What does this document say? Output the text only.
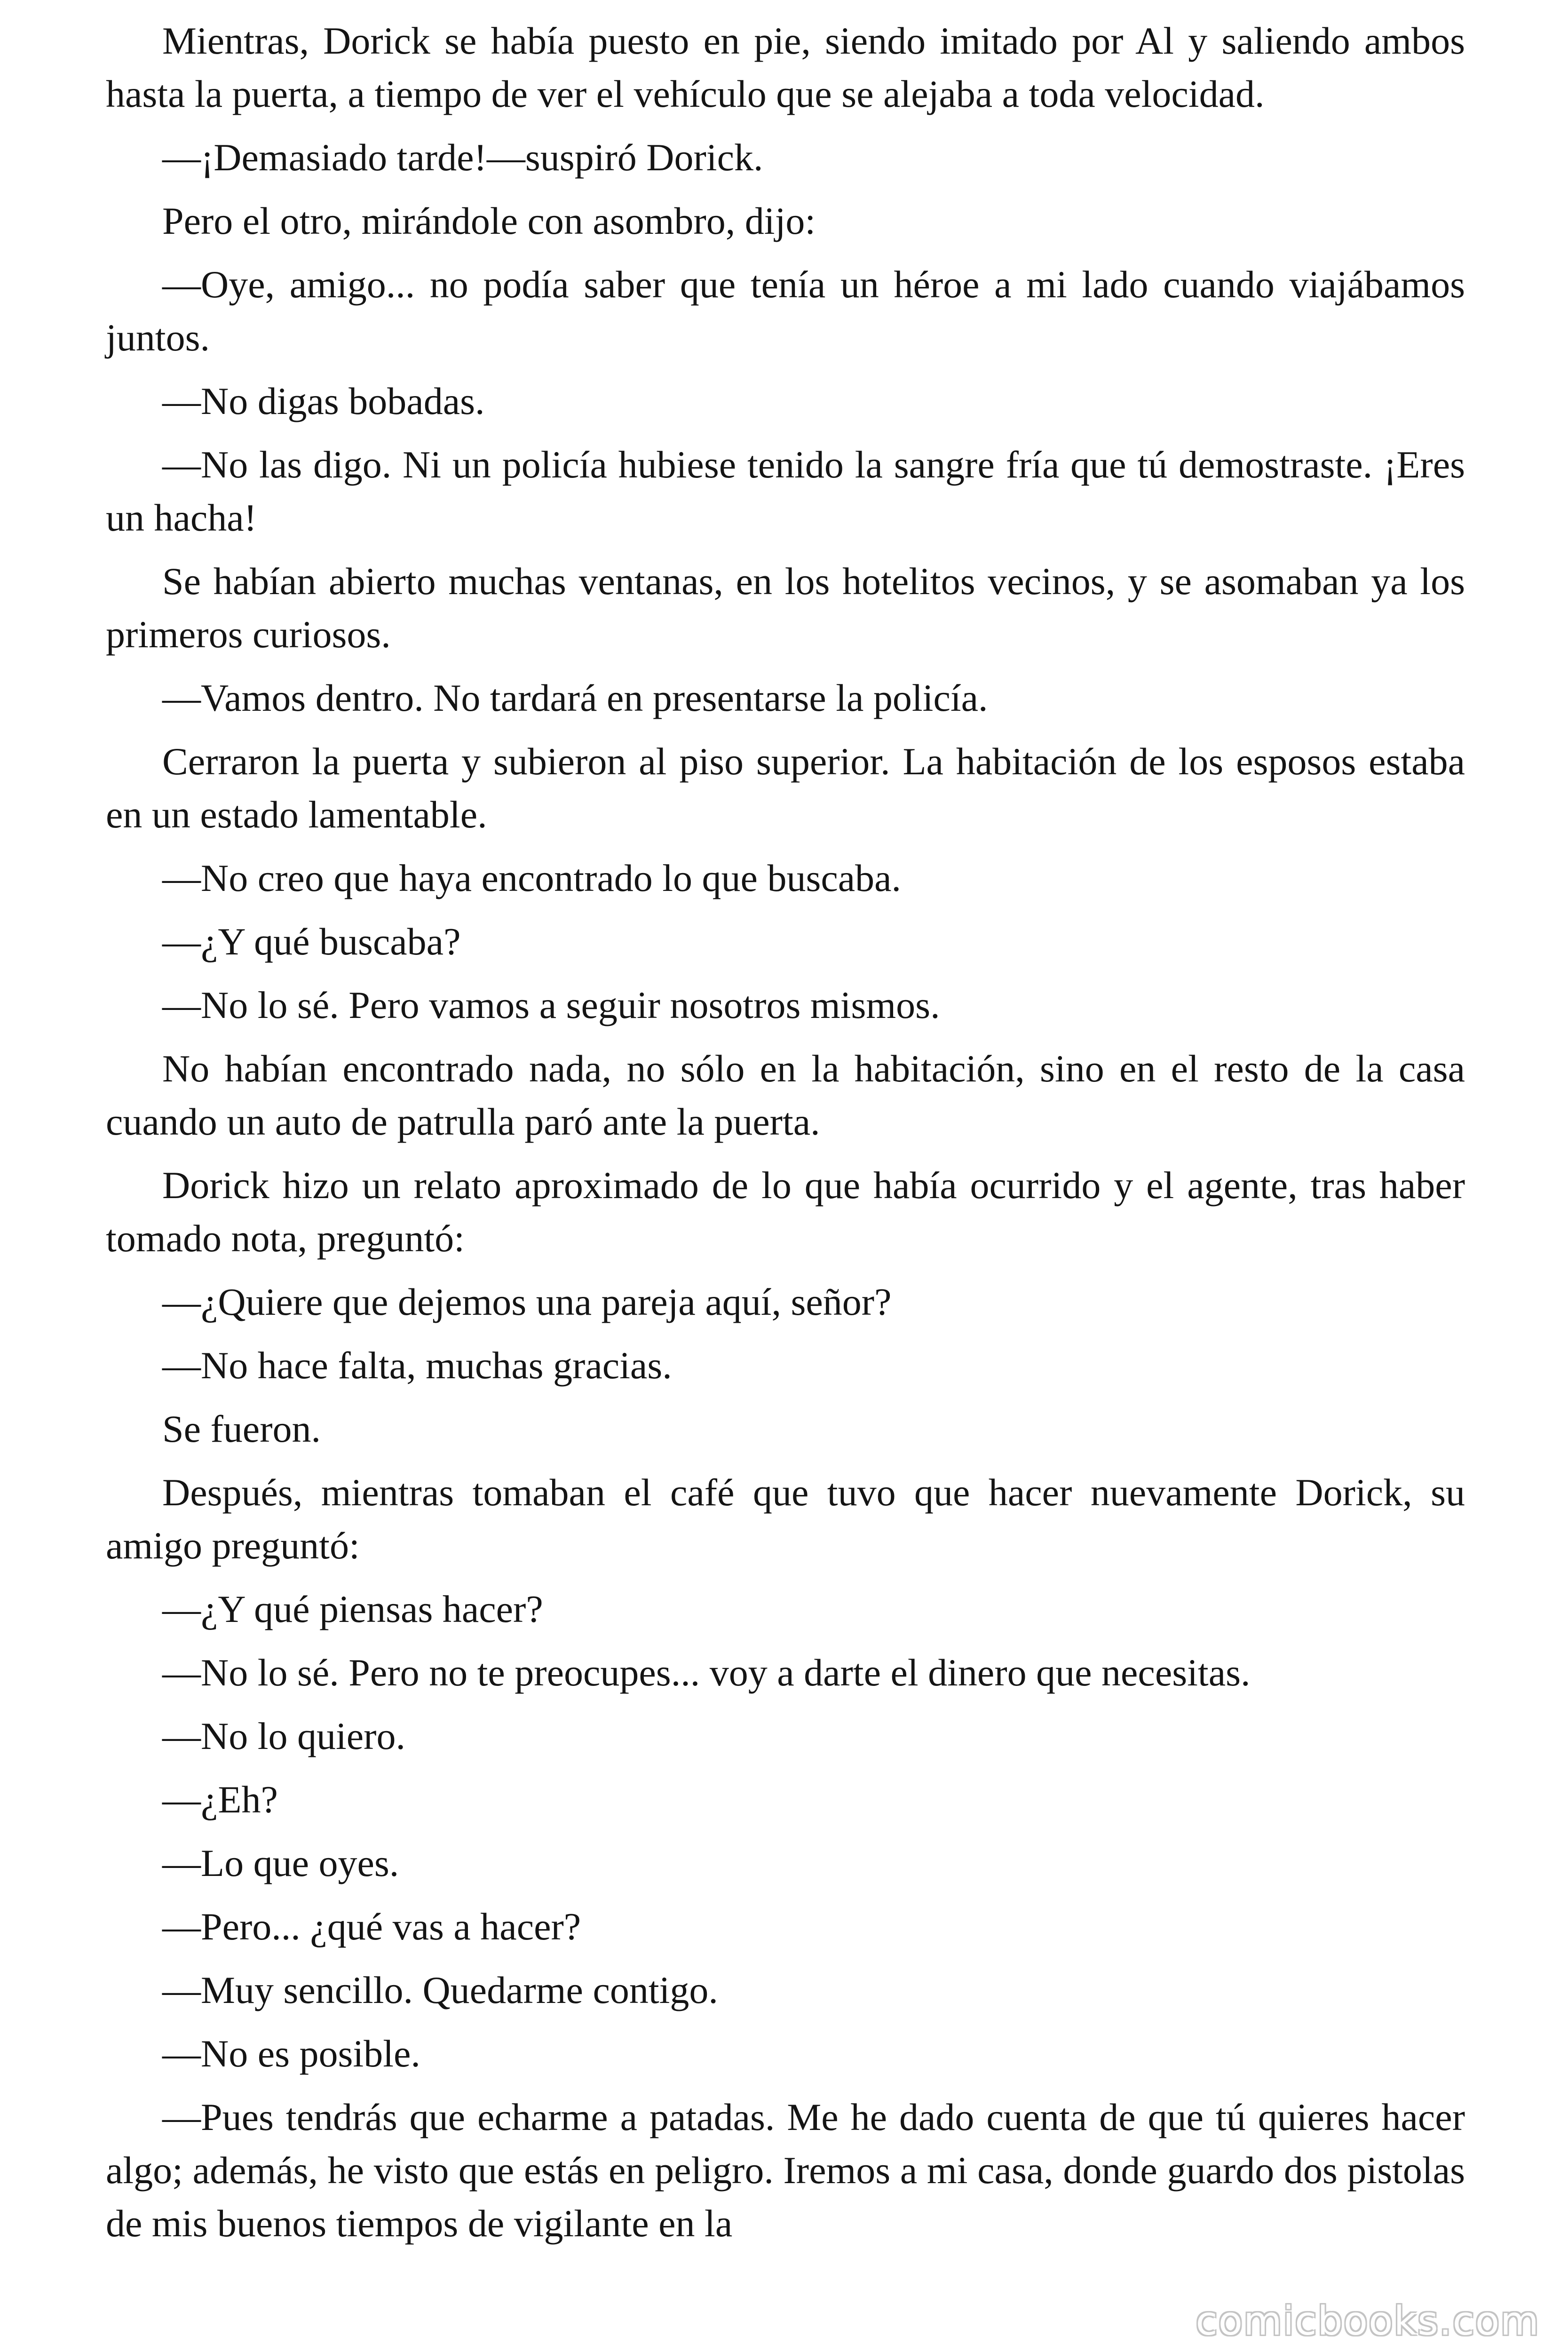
Mientras, Dorick se había puesto en pie, siendo imitado por Al y saliendo ambos hasta la puerta, a tiempo de ver el vehículo que se alejaba a toda velocidad.

—¡Demasiado tarde!—suspiró Dorick.

Pero el otro, mirándole con asombro, dijo:

—Oye, amigo... no podía saber que tenía un héroe a mi lado cuando viajábamos juntos.

—No digas bobadas.

—No las digo. Ni un policía hubiese tenido la sangre fría que tú demostraste. ¡Eres un hacha!

Se habían abierto muchas ventanas, en los hotelitos vecinos, y se asomaban ya los primeros curiosos.

—Vamos dentro. No tardará en presentarse la policía.

Cerraron la puerta y subieron al piso superior. La habitación de los esposos estaba en un estado lamentable.

—No creo que haya encontrado lo que buscaba.

—¿Y qué buscaba?

—No lo sé. Pero vamos a seguir nosotros mismos.

No habían encontrado nada, no sólo en la habitación, sino en el resto de la casa cuando un auto de patrulla paró ante la puerta.

Dorick hizo un relato aproximado de lo que había ocurrido y el agente, tras haber tomado nota, preguntó:

—¿Quiere que dejemos una pareja aquí, señor?

—No hace falta, muchas gracias.

Se fueron.

Después, mientras tomaban el café que tuvo que hacer nuevamente Dorick, su amigo preguntó:

—¿Y qué piensas hacer?

—No lo sé. Pero no te preocupes... voy a darte el dinero que necesitas.

—No lo quiero.

—¿Eh?

—Lo que oyes.

—Pero... ¿qué vas a hacer?

—Muy sencillo. Quedarme contigo.

—No es posible.

—Pues tendrás que echarme a patadas. Me he dado cuenta de que tú quieres hacer algo; además, he visto que estás en peligro. Iremos a mi casa, donde guardo dos pistolas de mis buenos tiempos de vigilante en la

comicbooks.com
